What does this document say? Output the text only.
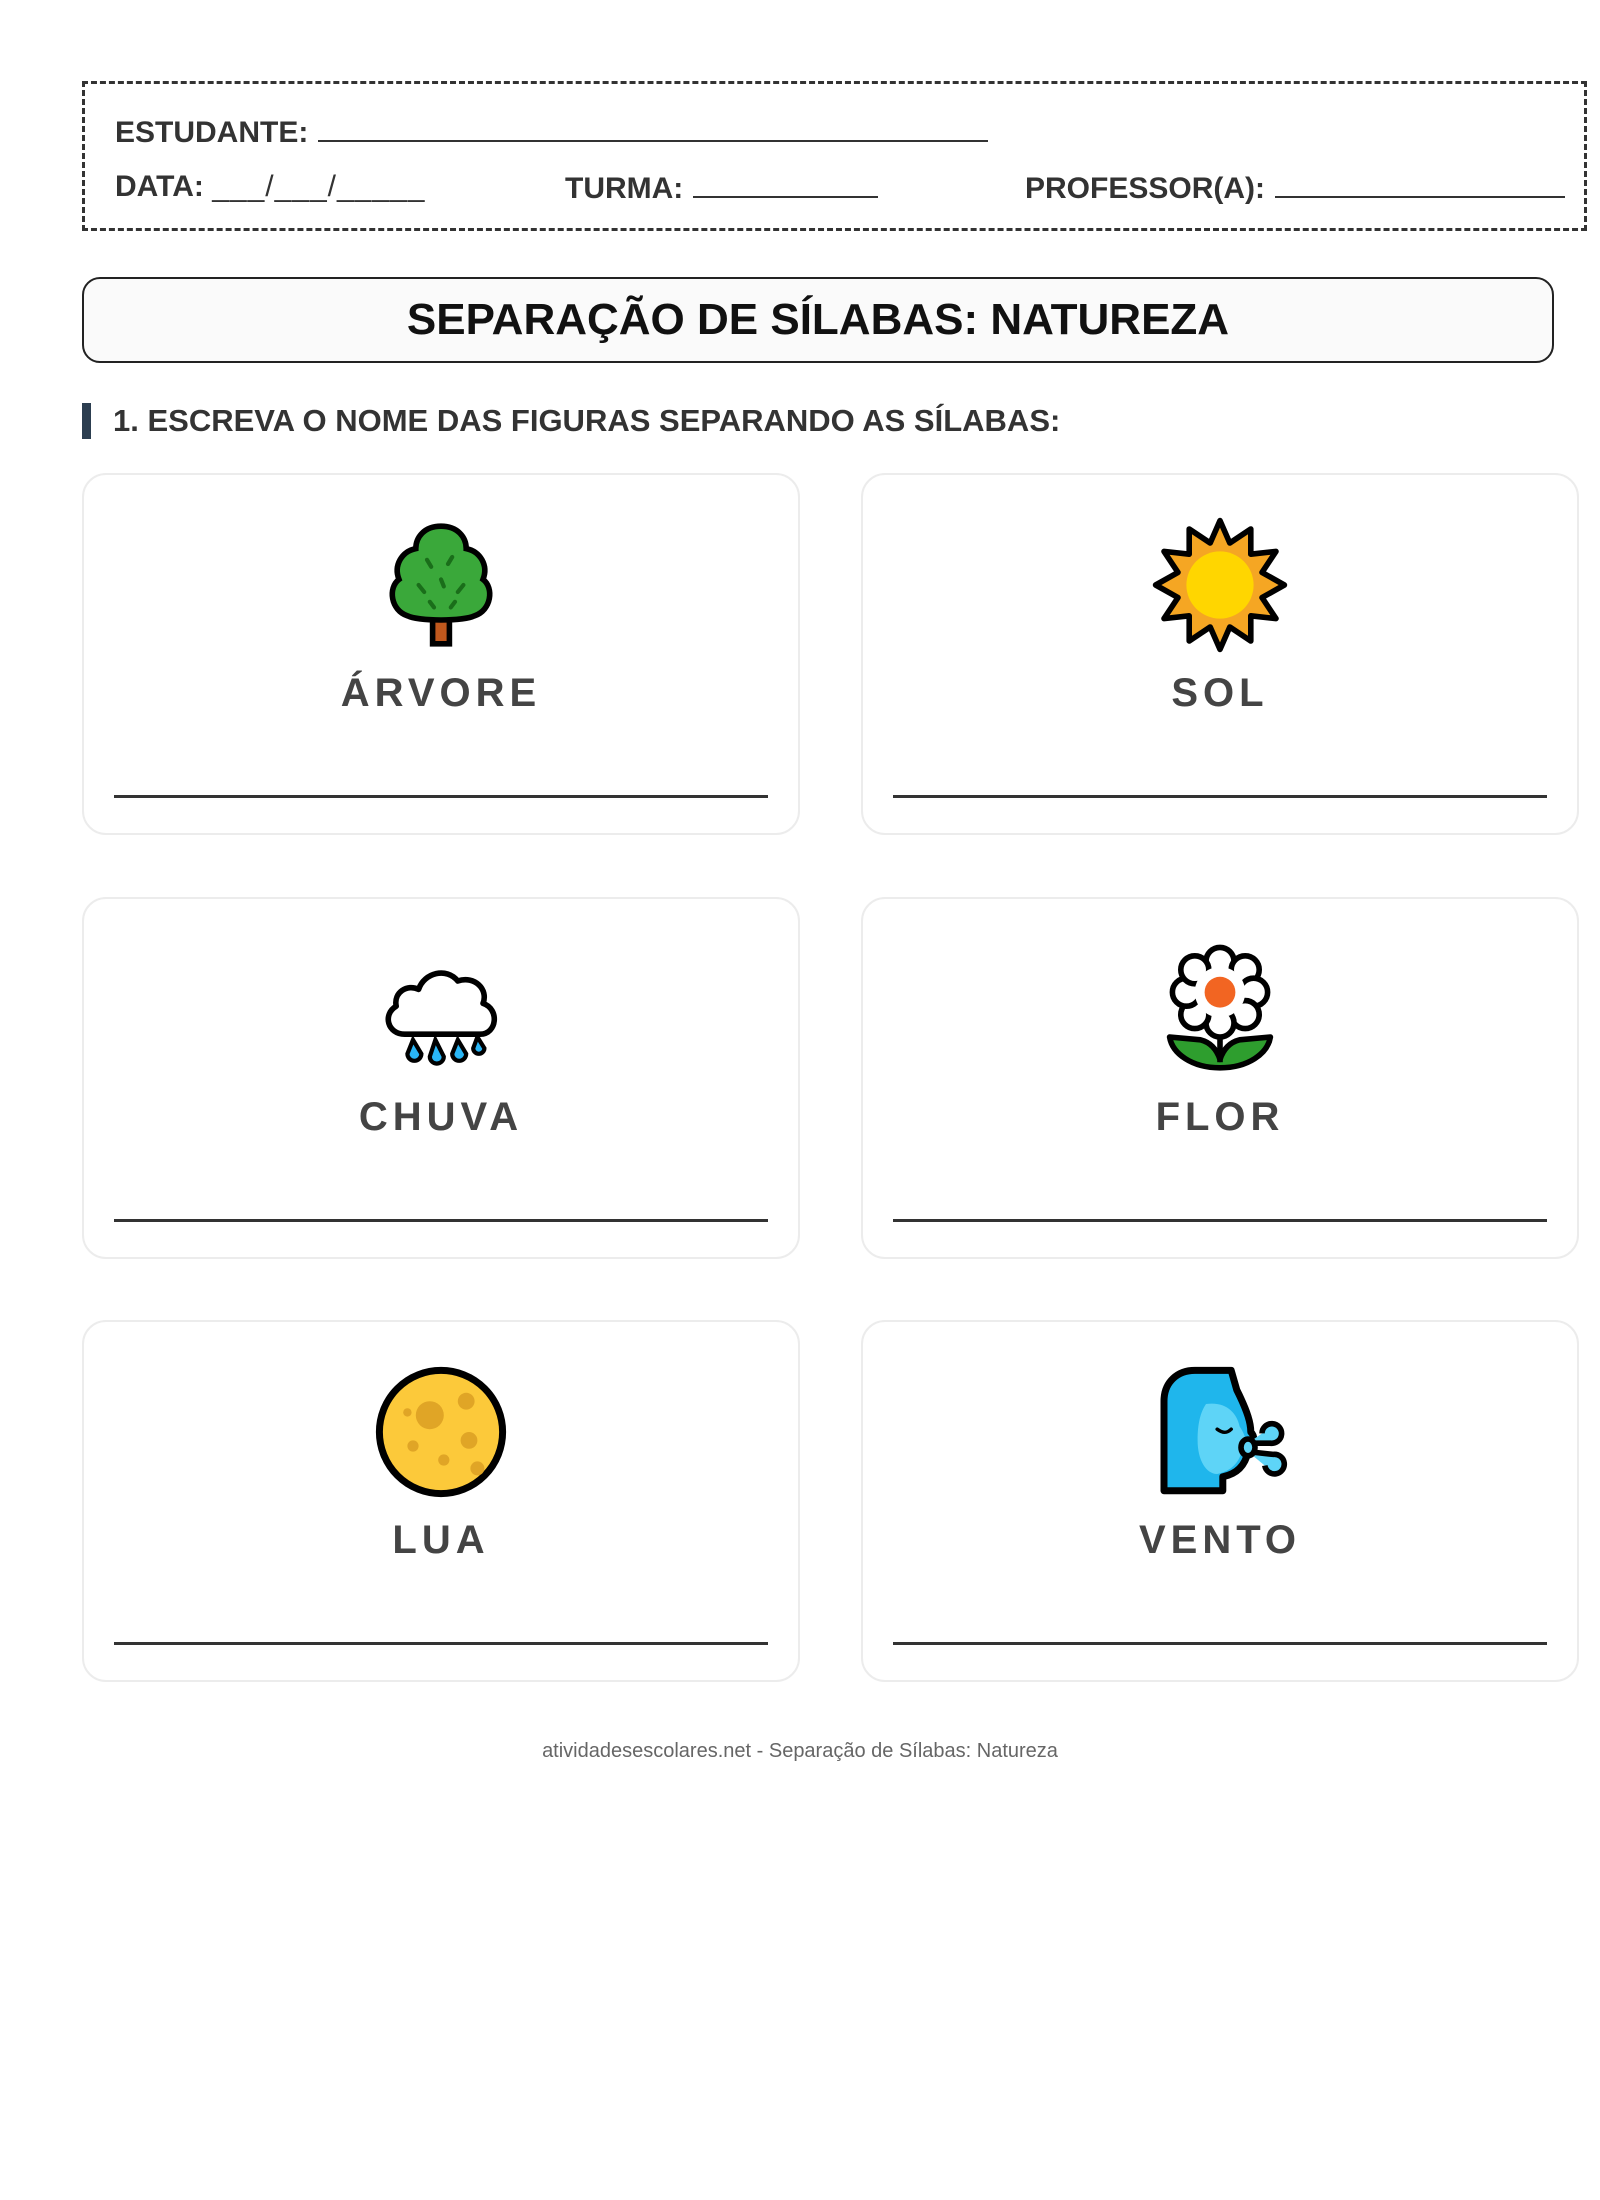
ESTUDANTE:
DATA: ___/___/_____	TURMA:	PROFESSOR(A):
SEPARAÇÃO DE SÍLABAS: NATUREZA
1. ESCREVA O NOME DAS FIGURAS SEPARANDO AS SÍLABAS:
ÁRVORE	SOL
CHUVA	FLOR
LUA	VENTO
atividadesescolares.net - Separação de Sílabas: Natureza
